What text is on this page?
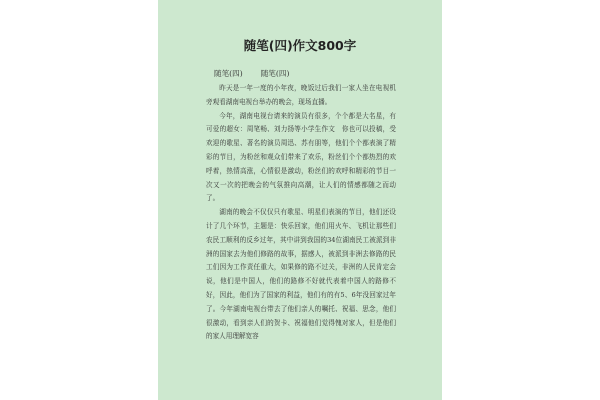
随笔(四)作文800字
随笔(四) 随笔(四)

昨天是一年一度的小年夜，晚饭过后我们一家人坐在电视机旁观看湖南电视台举办的晚会，现场直播。

今年，湖南电视台请来的演员有很多，个个都是大名星，有可爱的超女：周笔畅、刘力扬等小学生作文　你也可以投稿，受欢迎的歌星、著名的演员周迅、苏有朋等，他们个个都表演了精彩的节目，为粉丝和观众们带来了欢乐，粉丝们个个都热烈的欢呼着，热情高涨，心情很是激动，粉丝们的欢呼和精彩的节目一次又一次的把晚会的气氛推向高潮，让人们的情感都随之而动了。

湖南的晚会不仅仅只有歌星、明星们表演的节目，他们还设计了几个环节，主题是：快乐回家，他们用火车、飞机让那些们农民工顺利的反乡过年，其中讲到我国的34位湖南民工被派到非洲的国家去为他们修路的故事，据感人，被派到非洲去修路的民工们因为工作责任重大，如果修的路不过关，非洲的人民肯定会说，他们是中国人，他们的路修不好就代表着中国人的路修不好，因此，他们为了国家的利益，他们有的有5、6年没回家过年了。今年湖南电视台带去了他们亲人的嘱托、祝福、思念，他们很激动，看到亲人们的贺卡、祝福他们觉得愧对家人，但是他们的家人用理解宽容
